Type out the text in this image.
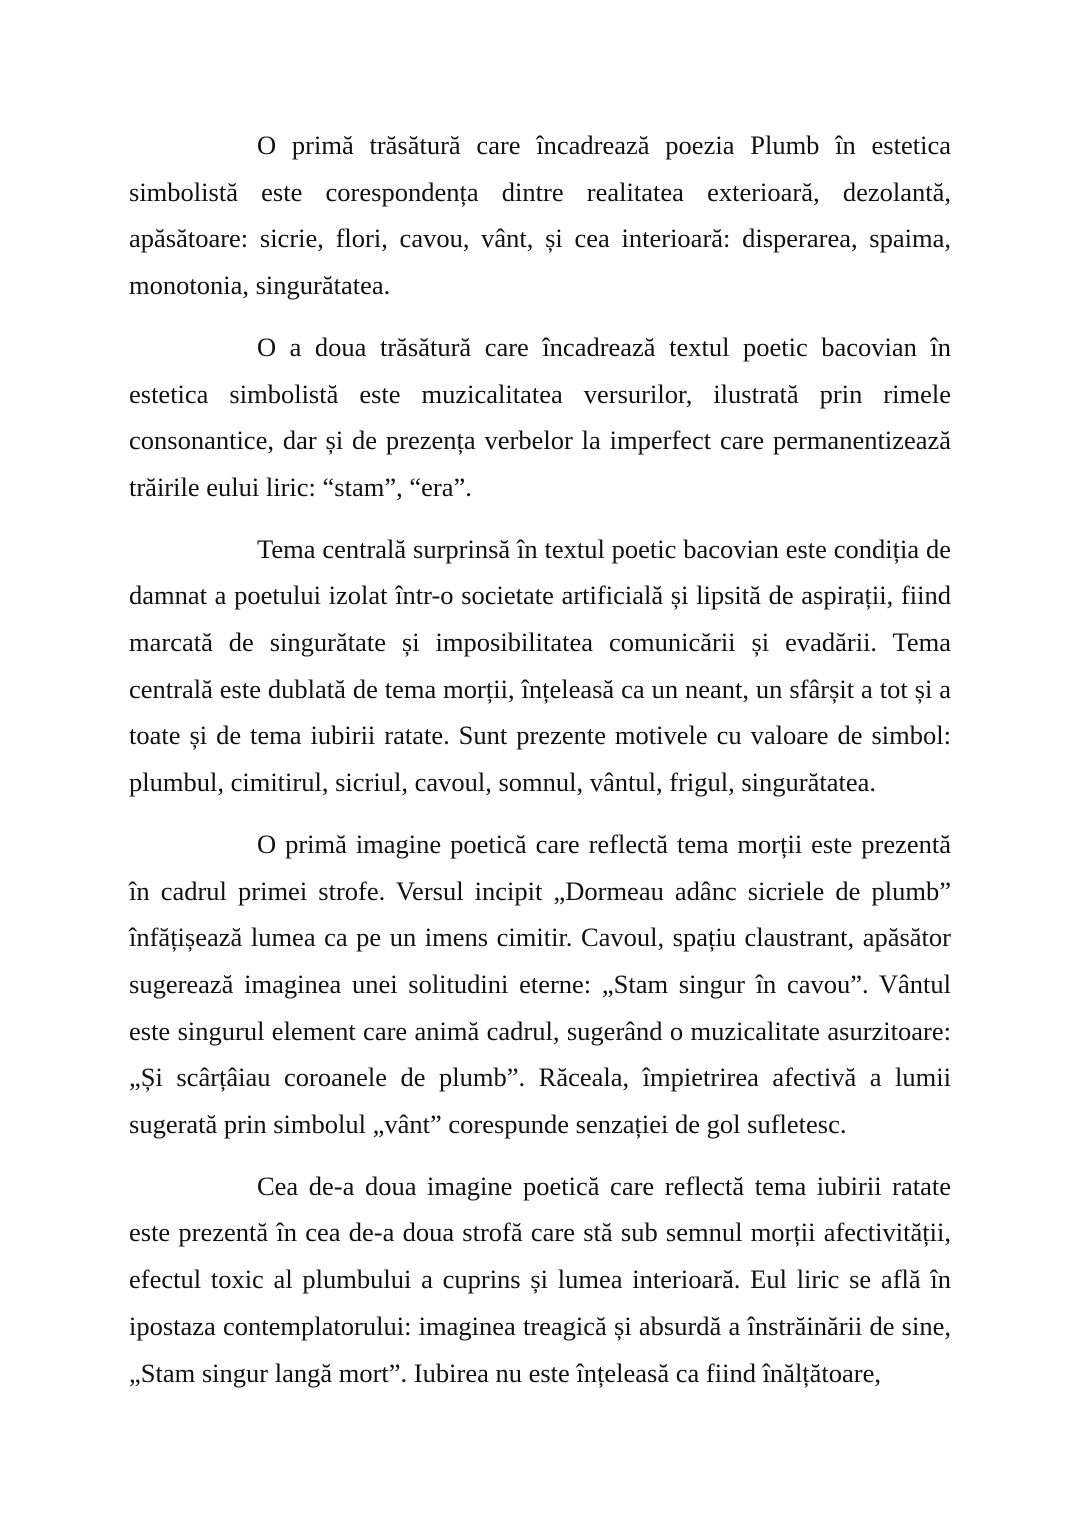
O primă trăsătură care încadrează poezia Plumb în estetica simbolistă este corespondența dintre realitatea exterioară, dezolantă, apăsătoare: sicrie, flori, cavou, vânt, și cea interioară: disperarea, spaima, monotonia, singurătatea.

O a doua trăsătură care încadrează textul poetic bacovian în estetica simbolistă este muzicalitatea versurilor, ilustrată prin rimele consonantice, dar și de prezența verbelor la imperfect care permanentizează trăirile eului liric: “stam”, “era”.

Tema centrală surprinsă în textul poetic bacovian este condiția de damnat a poetului izolat într-o societate artificială și lipsită de aspirații, fiind marcată de singurătate și imposibilitatea comunicării și evadării. Tema centrală este dublată de tema morții, înțeleasă ca un neant, un sfârșit a tot și a toate și de tema iubirii ratate. Sunt prezente motivele cu valoare de simbol: plumbul, cimitirul, sicriul, cavoul, somnul, vântul, frigul, singurătatea.

O primă imagine poetică care reflectă tema morții este prezentă în cadrul primei strofe. Versul incipit „Dormeau adânc sicriele de plumb” înfățișează lumea ca pe un imens cimitir. Cavoul, spațiu claustrant, apăsător sugerează imaginea unei solitudini eterne: „Stam singur în cavou”. Vântul este singurul element care animă cadrul, sugerând o muzicalitate asurzitoare: „Și scârțâiau coroanele de plumb”. Răceala, împietrirea afectivă a lumii sugerată prin simbolul „vânt” corespunde senzației de gol sufletesc.

Cea de-a doua imagine poetică care reflectă tema iubirii ratate este prezentă în cea de-a doua strofă care stă sub semnul morții afectivității, efectul toxic al plumbului a cuprins și lumea interioară. Eul liric se află în ipostaza contemplatorului: imaginea treagică și absurdă a înstrăinării de sine, „Stam singur langă mort”. Iubirea nu este înțeleasă ca fiind înălțătoare,
